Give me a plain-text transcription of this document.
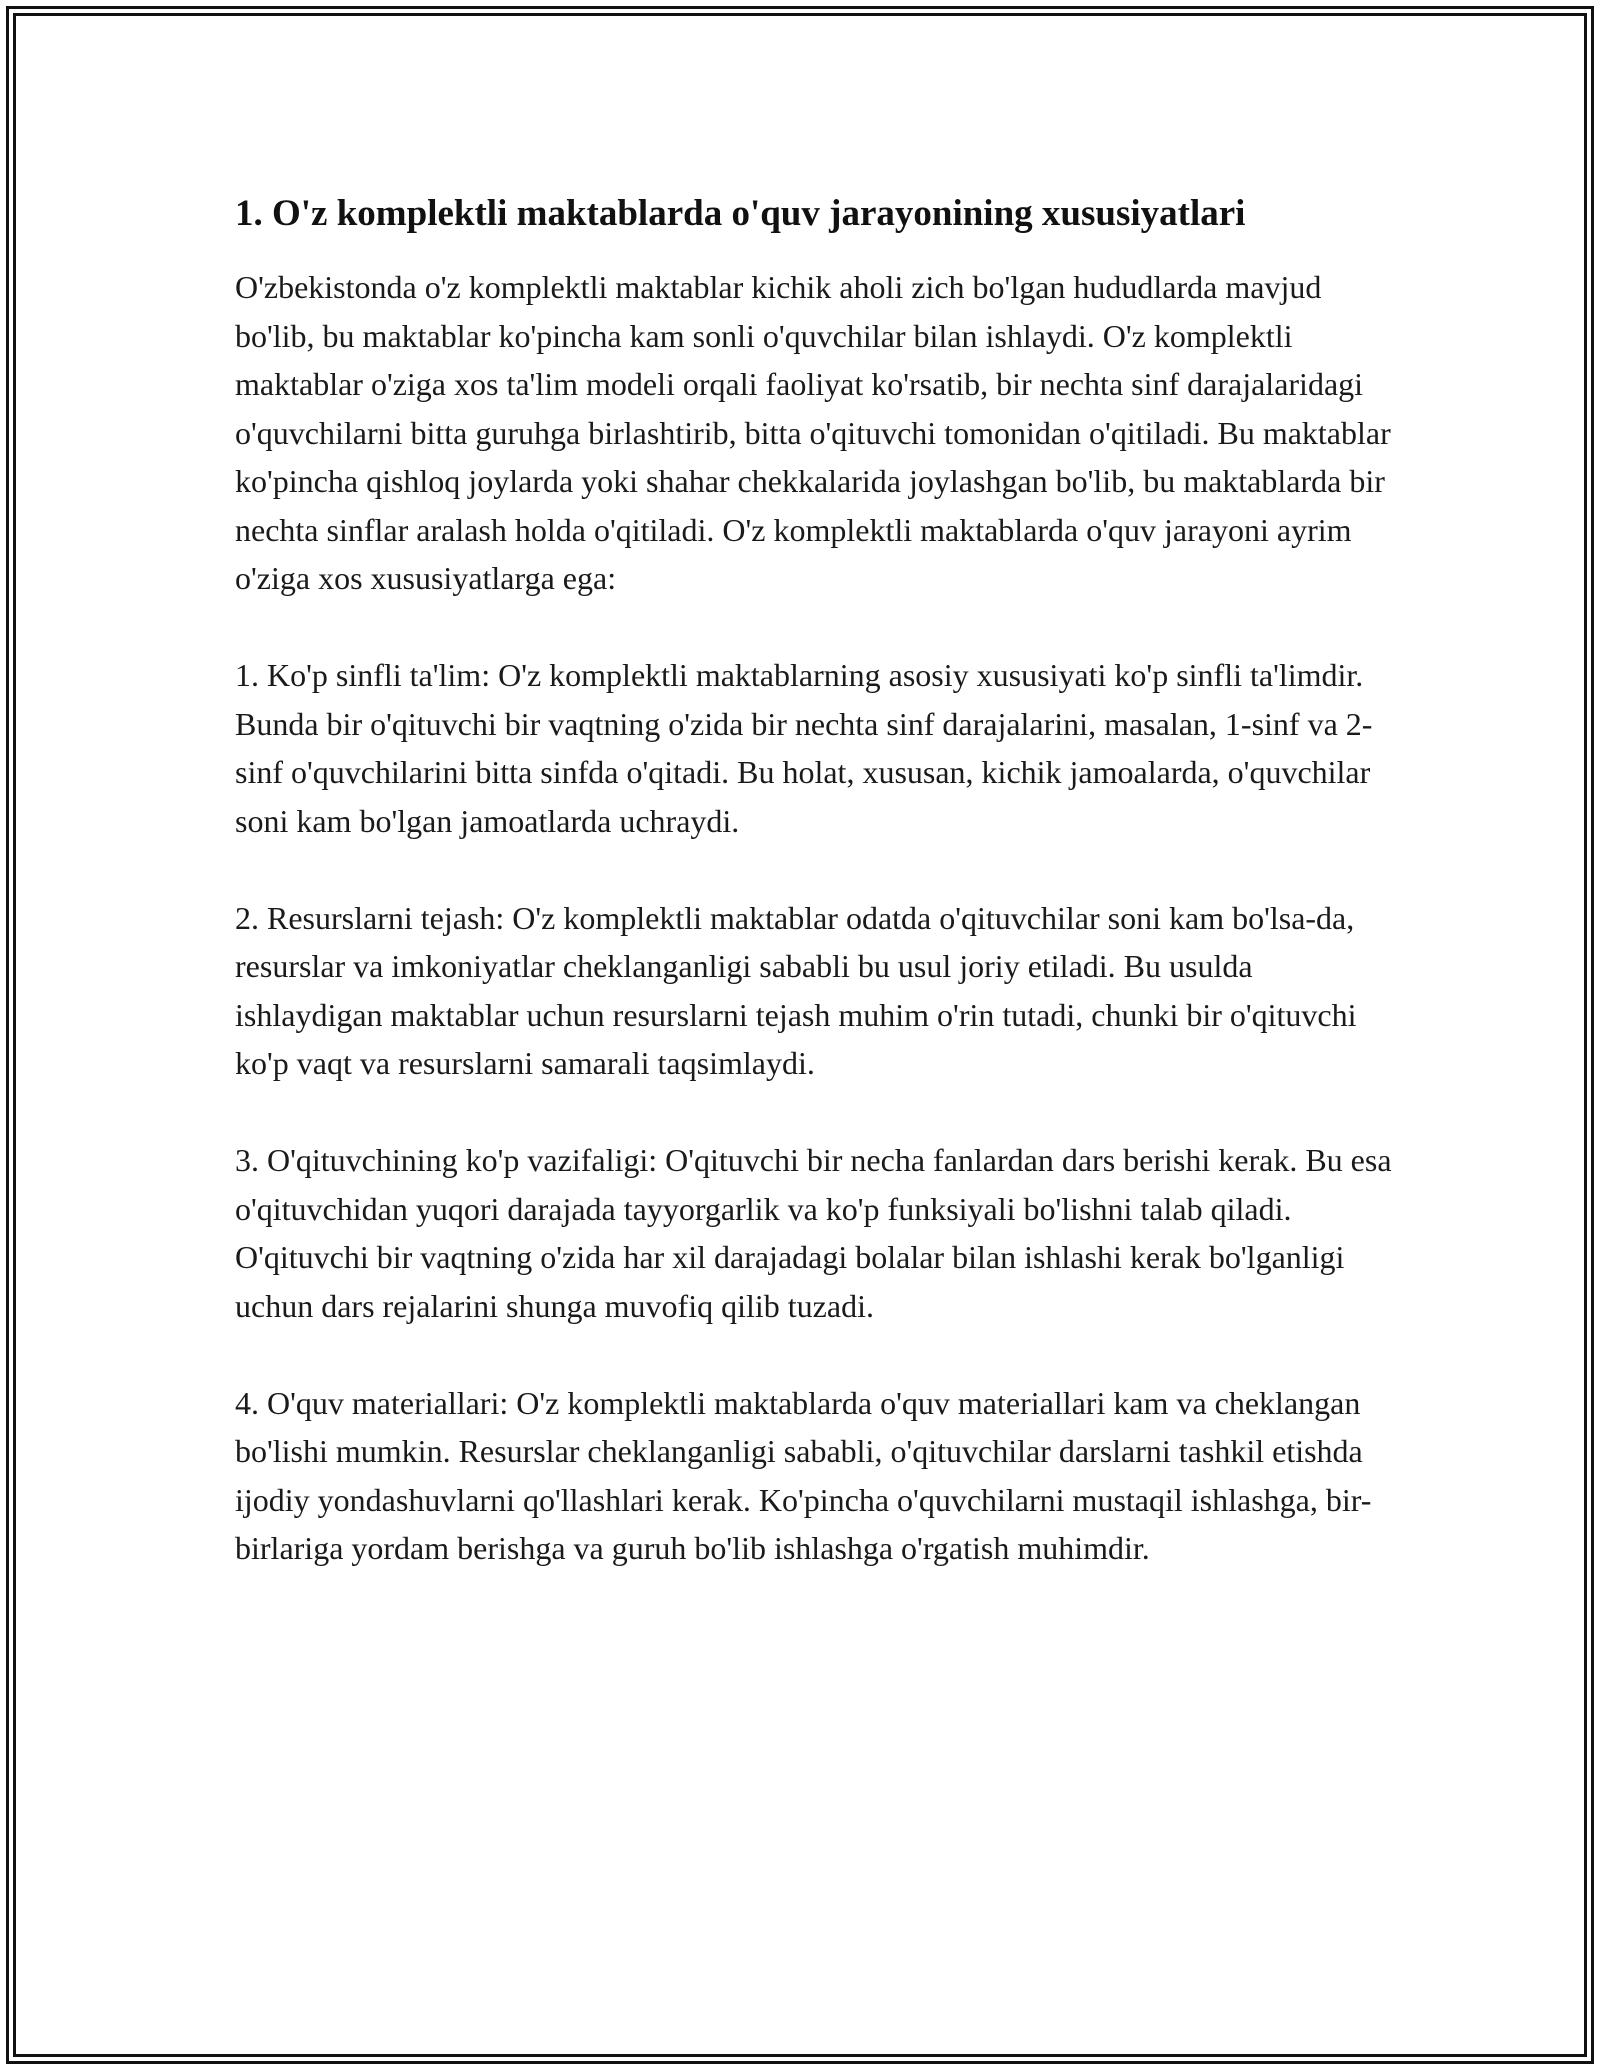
1. O'z komplektli maktablarda o'quv jarayonining xususiyatlari

O'zbekistonda o'z komplektli maktablar kichik aholi zich bo'lgan hududlarda mavjud bo'lib, bu maktablar ko'pincha kam sonli o'quvchilar bilan ishlaydi. O'z komplektli maktablar o'ziga xos ta'lim modeli orqali faoliyat ko'rsatib, bir nechta sinf darajalaridagi o'quvchilarni bitta guruhga birlashtirib, bitta o'qituvchi tomonidan o'qitiladi. Bu maktablar ko'pincha qishloq joylarda yoki shahar chekkalarida joylashgan bo'lib, bu maktablarda bir nechta sinflar aralash holda o'qitiladi. O'z komplektli maktablarda o'quv jarayoni ayrim o'ziga xos xususiyatlarga ega:

1. Ko'p sinfli ta'lim: O'z komplektli maktablarning asosiy xususiyati ko'p sinfli ta'limdir. Bunda bir o'qituvchi bir vaqtning o'zida bir nechta sinf darajalarini, masalan, 1-sinf va 2-sinf o'quvchilarini bitta sinfda o'qitadi. Bu holat, xususan, kichik jamoalarda, o'quvchilar soni kam bo'lgan jamoatlarda uchraydi.

2. Resurslarni tejash: O'z komplektli maktablar odatda o'qituvchilar soni kam bo'lsa-da, resurslar va imkoniyatlar cheklanganligi sababli bu usul joriy etiladi. Bu usulda ishlaydigan maktablar uchun resurslarni tejash muhim o'rin tutadi, chunki bir o'qituvchi ko'p vaqt va resurslarni samarali taqsimlaydi.

3. O'qituvchining ko'p vazifaligi: O'qituvchi bir necha fanlardan dars berishi kerak. Bu esa o'qituvchidan yuqori darajada tayyorgarlik va ko'p funksiyali bo'lishni talab qiladi. O'qituvchi bir vaqtning o'zida har xil darajadagi bolalar bilan ishlashi kerak bo'lganligi uchun dars rejalarini shunga muvofiq qilib tuzadi.

4. O'quv materiallari: O'z komplektli maktablarda o'quv materiallari kam va cheklangan bo'lishi mumkin. Resurslar cheklanganligi sababli, o'qituvchilar darslarni tashkil etishda ijodiy yondashuvlarni qo'llashlari kerak. Ko'pincha o'quvchilarni mustaqil ishlashga, bir-birlariga yordam berishga va guruh bo'lib ishlashga o'rgatish muhimdir.
